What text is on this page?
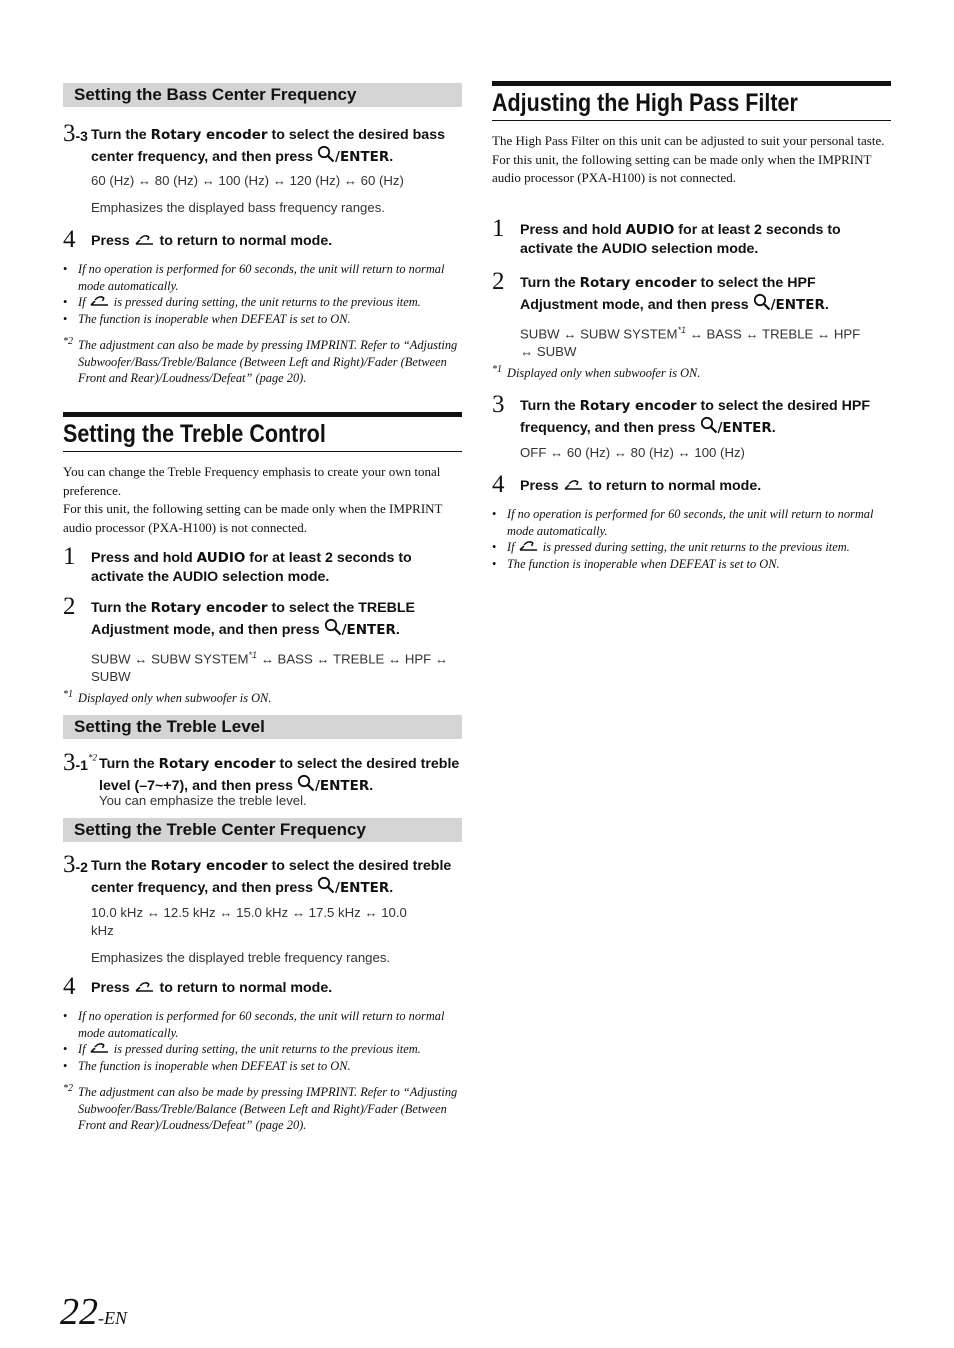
Setting the Bass Center Frequency
3-3 Turn the Rotary encoder to select the desired bass center frequency, and then press /ENTER.
60 (Hz) ↔ 80 (Hz) ↔ 100 (Hz) ↔ 120 (Hz) ↔ 60 (Hz)
Emphasizes the displayed bass frequency ranges.
4 Press  to return to normal mode.
• If no operation is performed for 60 seconds, the unit will return to normal mode automatically.
• If  is pressed during setting, the unit returns to the previous item.
• The function is inoperable when DEFEAT is set to ON.
*2 The adjustment can also be made by pressing IMPRINT. Refer to “Adjusting Subwoofer/Bass/Treble/Balance (Between Left and Right)/Fader (Between Front and Rear)/Loudness/Defeat” (page 20).
Setting the Treble Control
You can change the Treble Frequency emphasis to create your own tonal preference.
For this unit, the following setting can be made only when the IMPRINT audio processor (PXA-H100) is not connected.
1 Press and hold AUDIO for at least 2 seconds to activate the AUDIO selection mode.
2 Turn the Rotary encoder to select the TREBLE Adjustment mode, and then press /ENTER.
SUBW ↔ SUBW SYSTEM$^{*1}$ ↔ BASS ↔ TREBLE ↔ HPF ↔ SUBW
*1 Displayed only when subwoofer is ON.
Setting the Treble Level
3-1$^{*2}$ Turn the Rotary encoder to select the desired treble level (–7~+7), and then press /ENTER.
You can emphasize the treble level.
Setting the Treble Center Frequency
3-2 Turn the Rotary encoder to select the desired treble center frequency, and then press /ENTER.
10.0 kHz ↔ 12.5 kHz ↔ 15.0 kHz ↔ 17.5 kHz ↔ 10.0 kHz
Emphasizes the displayed treble frequency ranges.
4 Press  to return to normal mode.
• If no operation is performed for 60 seconds, the unit will return to normal mode automatically.
• If  is pressed during setting, the unit returns to the previous item.
• The function is inoperable when DEFEAT is set to ON.
*2 The adjustment can also be made by pressing IMPRINT. Refer to “Adjusting Subwoofer/Bass/Treble/Balance (Between Left and Right)/Fader (Between Front and Rear)/Loudness/Defeat” (page 20).
Adjusting the High Pass Filter
The High Pass Filter on this unit can be adjusted to suit your personal taste.
For this unit, the following setting can be made only when the IMPRINT audio processor (PXA-H100) is not connected.
1 Press and hold AUDIO for at least 2 seconds to activate the AUDIO selection mode.
2 Turn the Rotary encoder to select the HPF Adjustment mode, and then press /ENTER.
SUBW ↔ SUBW SYSTEM$^{*1}$ ↔ BASS ↔ TREBLE ↔ HPF ↔ SUBW
*1 Displayed only when subwoofer is ON.
3 Turn the Rotary encoder to select the desired HPF frequency, and then press /ENTER.
OFF ↔ 60 (Hz) ↔ 80 (Hz) ↔ 100 (Hz)
4 Press  to return to normal mode.
• If no operation is performed for 60 seconds, the unit will return to normal mode automatically.
• If  is pressed during setting, the unit returns to the previous item.
• The function is inoperable when DEFEAT is set to ON.
22-EN
